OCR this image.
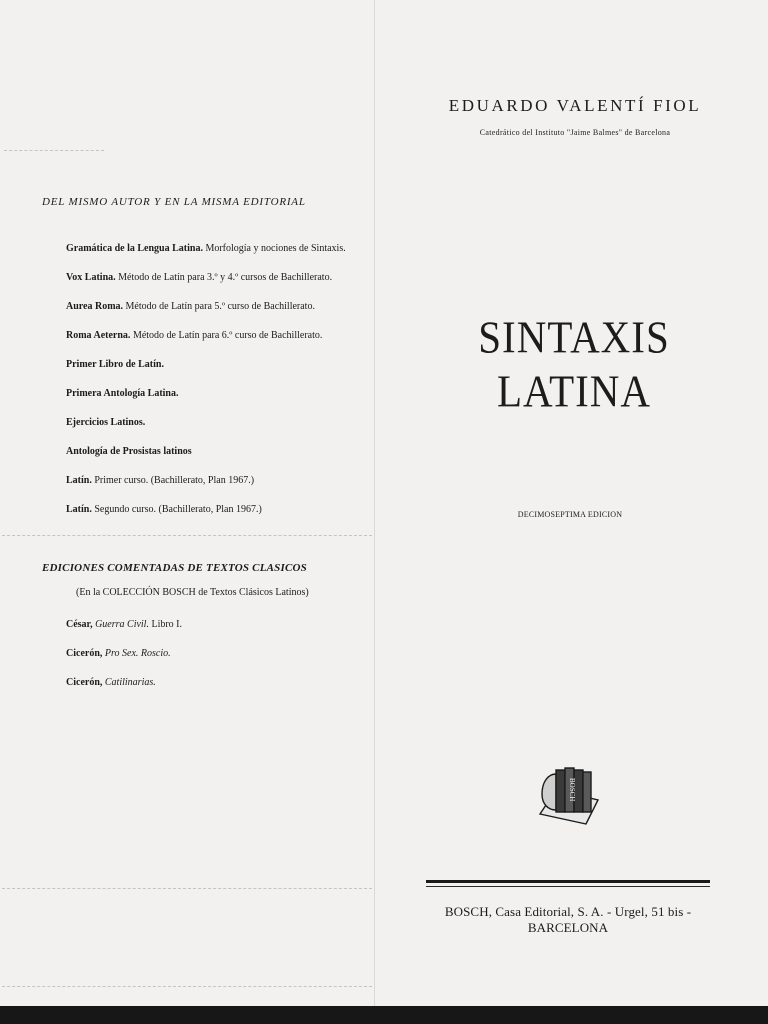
EDUARDO VALENTÍ FIOL
Catedrático del Instituto "Jaime Balmes" de Barcelona
SINTAXIS LATINA
DECIMOSEPTIMA EDICION
BOSCH
BOSCH, Casa Editorial, S. A. - Urgel, 51 bis - BARCELONA
DEL MISMO AUTOR Y EN LA MISMA EDITORIAL
Gramática de la Lengua Latina. Morfología y nociones de Sintaxis.
Vox Latina. Método de Latín para 3.º y 4.º cursos de Bachillerato.
Aurea Roma. Método de Latín para 5.º curso de Bachillerato.
Roma Aeterna. Método de Latín para 6.º curso de Bachillerato.
Primer Libro de Latín.
Primera Antología Latina.
Ejercicios Latinos.
Antología de Prosistas latinos
Latín. Primer curso. (Bachillerato, Plan 1967.)
Latín. Segundo curso. (Bachillerato, Plan 1967.)
EDICIONES COMENTADAS DE TEXTOS CLASICOS
(En la COLECCIÓN BOSCH de Textos Clásicos Latinos)
César, Guerra Civil. Libro I.
Cicerón, Pro Sex. Roscio.
Cicerón, Catilinarias.
